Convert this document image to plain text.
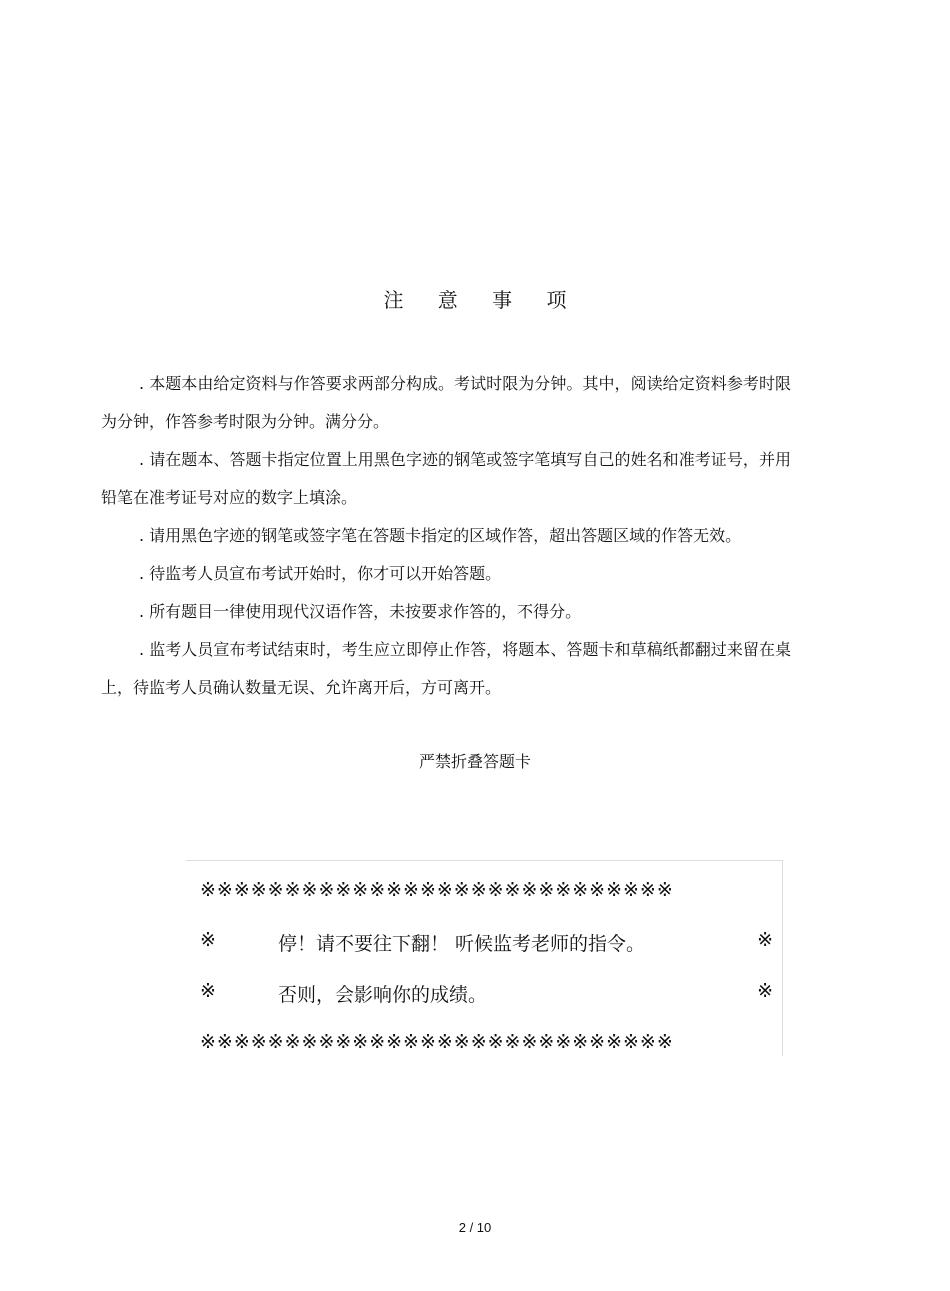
注 意 事 项

. 本题本由给定资料与作答要求两部分构成。考试时限为分钟。其中，阅读给定资料参考时限为分钟，作答参考时限为分钟。满分分。

. 请在题本、答题卡指定位置上用黑色字迹的钢笔或签字笔填写自己的姓名和准考证号，并用铅笔在准考证号对应的数字上填涂。

. 请用黑色字迹的钢笔或签字笔在答题卡指定的区域作答，超出答题区域的作答无效。

. 待监考人员宣布考试开始时，你才可以开始答题。

. 所有题目一律使用现代汉语作答，未按要求作答的，不得分。

. 监考人员宣布考试结束时，考生应立即停止作答，将题本、答题卡和草稿纸都翻过来留在桌上，待监考人员确认数量无误、允许离开后，方可离开。

严禁折叠答题卡
※※※※※※※※※※※※※※※※※※※※※※※※※※※※
※	停！请不要往下翻！ 听候监考老师的指令。	※
※	否则，会影响你的成绩。	※
※※※※※※※※※※※※※※※※※※※※※※※※※※※※
2 / 10
